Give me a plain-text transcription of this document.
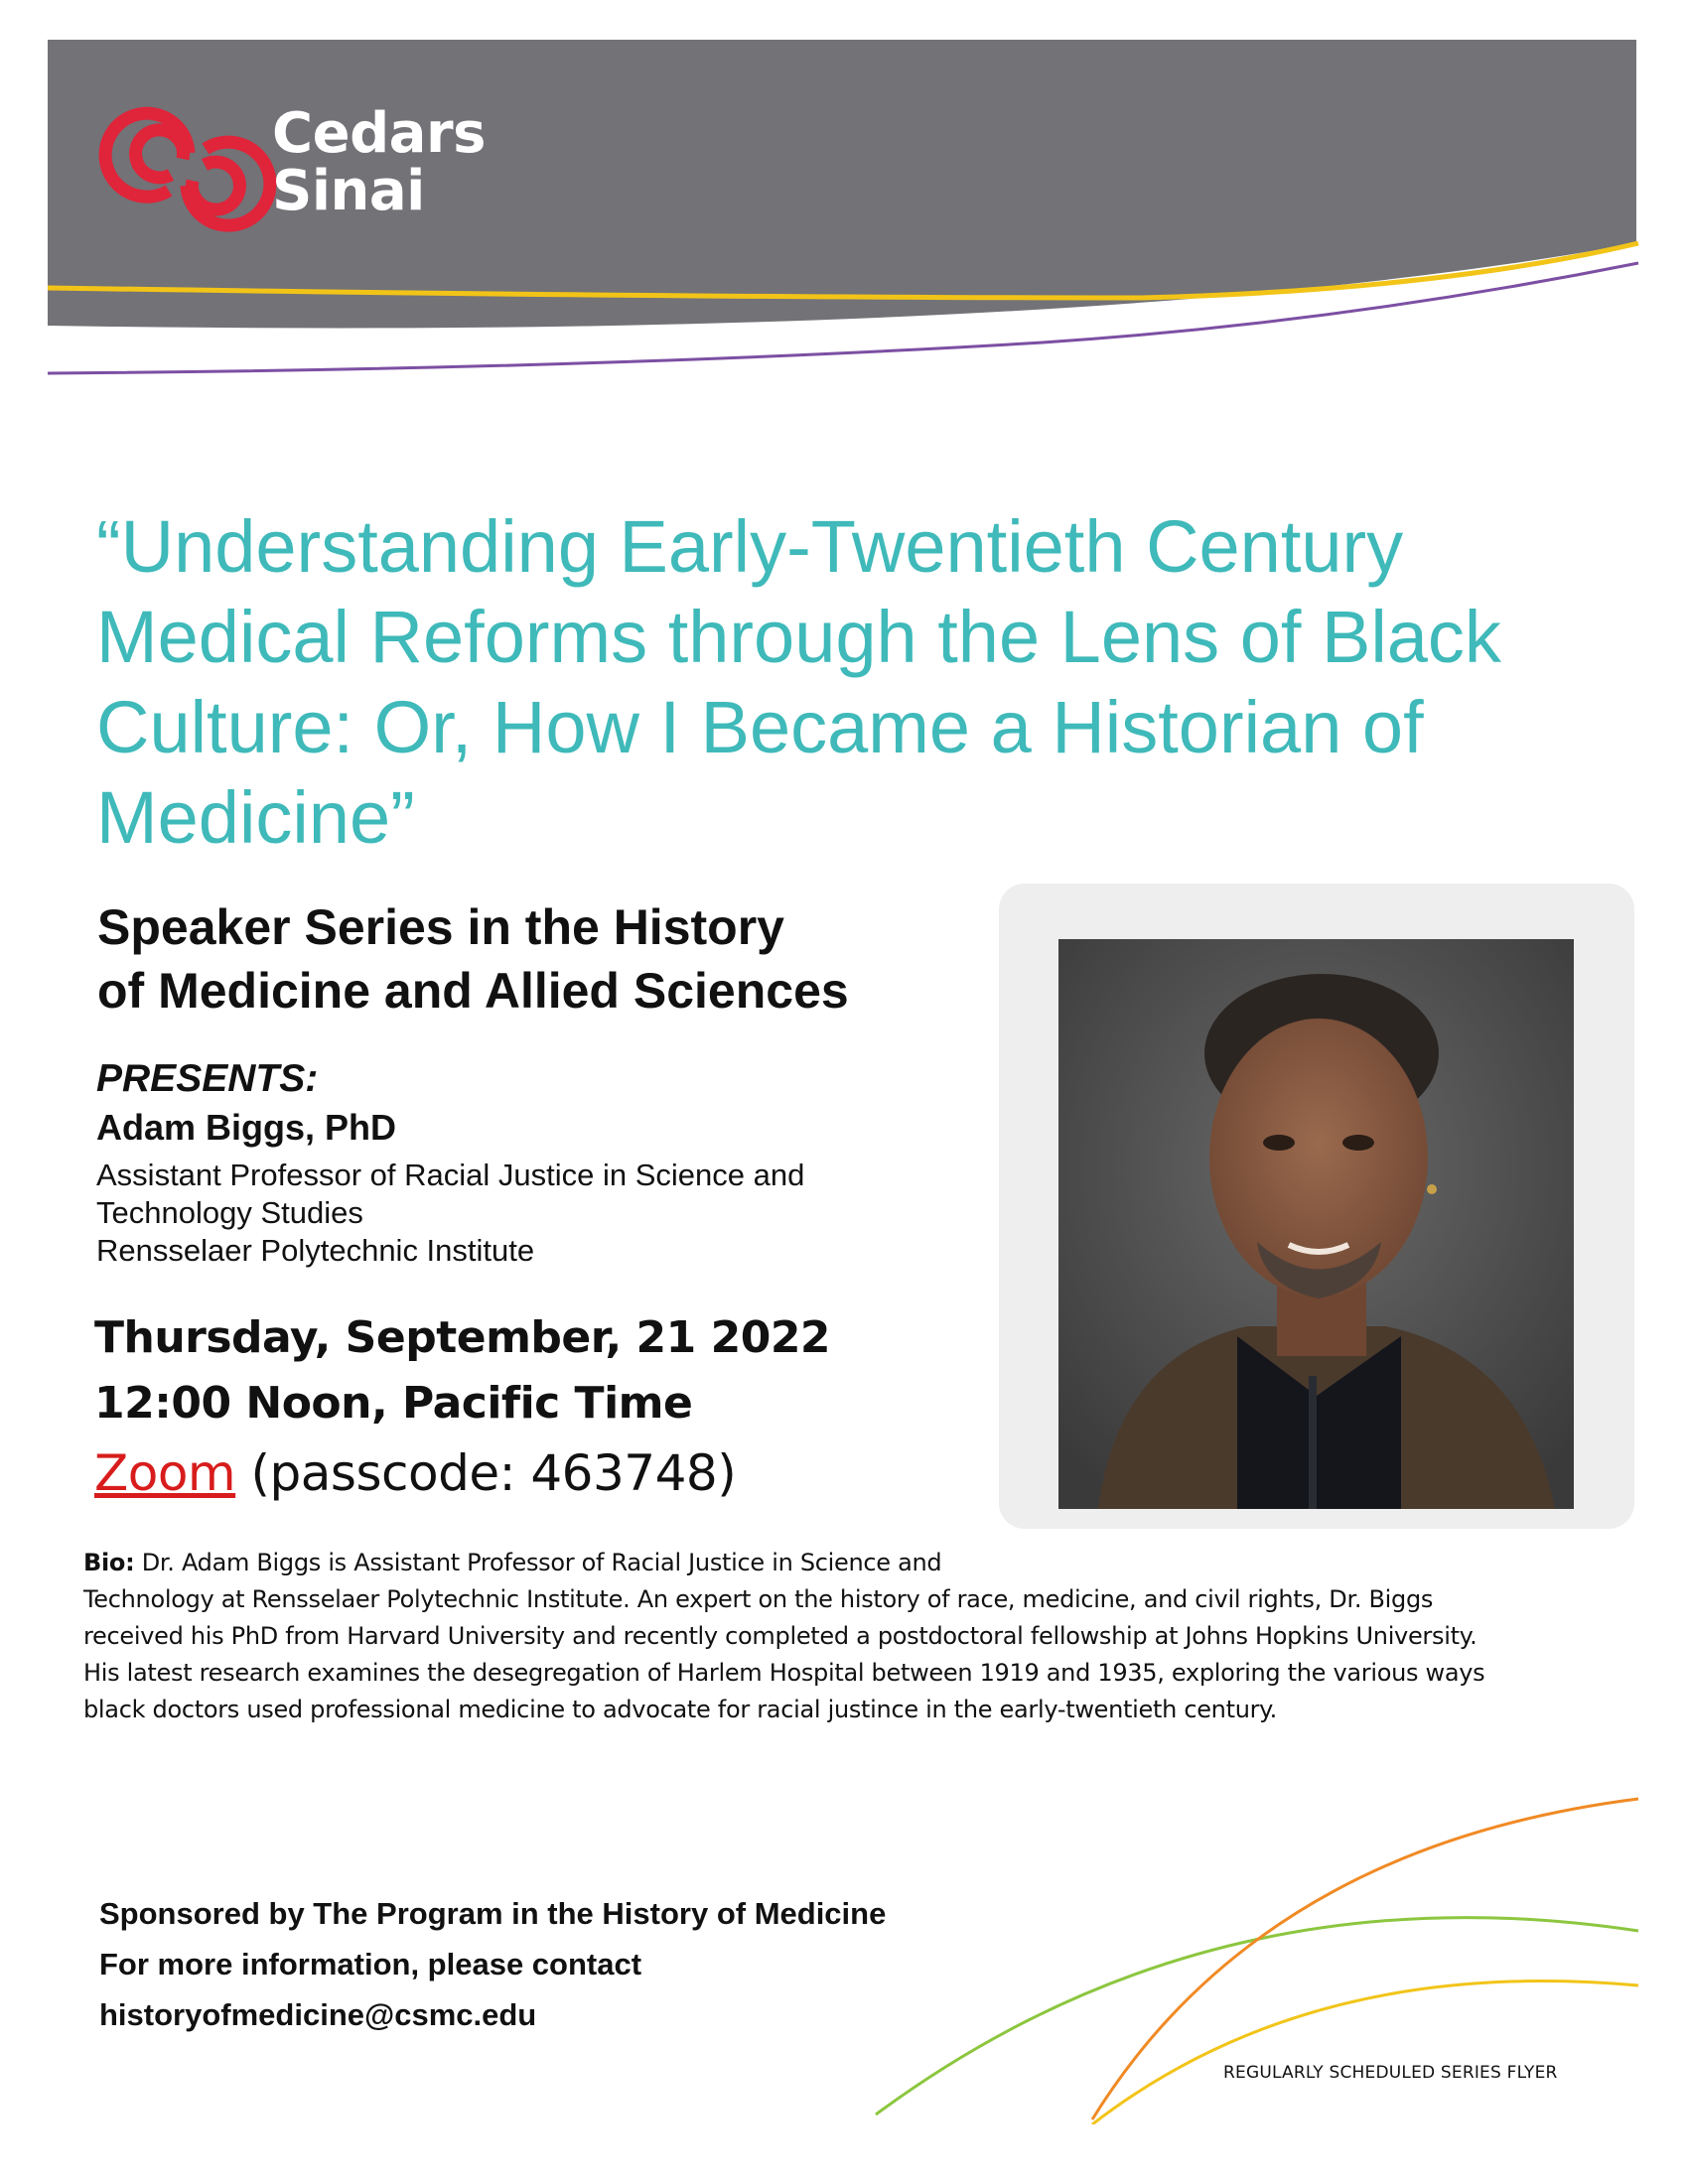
Cedars
Sinai
“Understanding Early-Twentieth Century Medical Reforms through the Lens of Black Culture: Or, How I Became a Historian of Medicine”
Speaker Series in the History
of Medicine and Allied Sciences
PRESENTS:
Adam Biggs, PhD
Assistant Professor of Racial Justice in Science and
Technology Studies
Rensselaer Polytechnic Institute
Thursday, September, 21 2022
12:00 Noon, Pacific Time
Zoom (passcode: 463748)
Bio: Dr. Adam Biggs is Assistant Professor of Racial Justice in Science and
Technology at Rensselaer Polytechnic Institute. An expert on the history of race, medicine, and civil rights, Dr. Biggs
received his PhD from Harvard University and recently completed a postdoctoral fellowship at Johns Hopkins University.
His latest research examines the desegregation of Harlem Hospital between 1919 and 1935, exploring the various ways
black doctors used professional medicine to advocate for racial justince in the early-twentieth century.
Sponsored by The Program in the History of Medicine
For more information, please contact
historyofmedicine@csmc.edu
REGULARLY SCHEDULED SERIES FLYER
